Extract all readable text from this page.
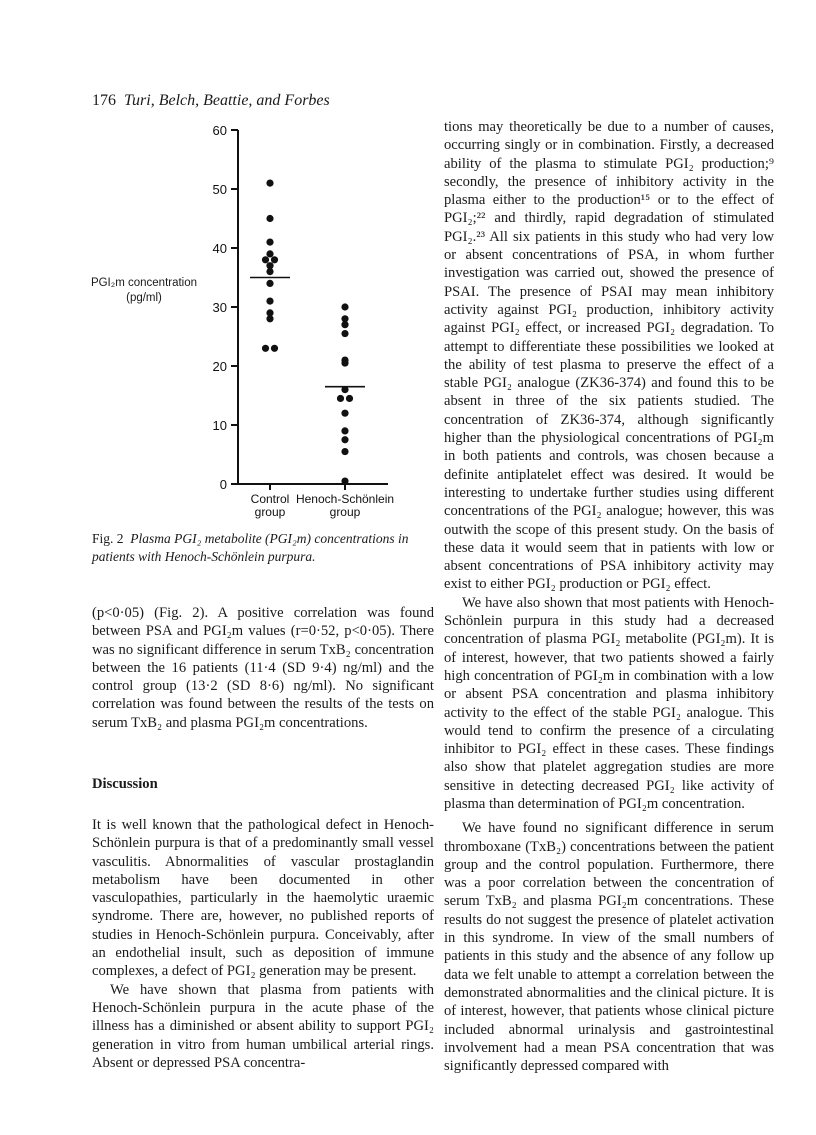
176 Turi, Belch, Beattie, and Forbes
0
10
20
30
40
50
60
Control
group
Henoch-Schönlein
group
PGI₂m concentration
(pg/ml)
Fig. 2 Plasma PGI₂ metabolite (PGI₂m) concentrations in patients with Henoch-Schönlein purpura.

(p<0·05) (Fig. 2). A positive correlation was found between PSA and PGI₂m values (r=0·52, p<0·05). There was no significant difference in serum TxB₂ concentration between the 16 patients (11·4 (SD 9·4) ng/ml) and the control group (13·2 (SD 8·6) ng/ml). No significant correlation was found between the results of the tests on serum TxB₂ and plasma PGI₂m concentrations.

Discussion

It is well known that the pathological defect in Henoch-Schönlein purpura is that of a predominantly small vessel vasculitis. Abnormalities of vascular prostaglandin metabolism have been documented in other vasculopathies, particularly in the haemolytic uraemic syndrome. There are, however, no published reports of studies in Henoch-Schönlein purpura. Conceivably, after an endothelial insult, such as deposition of immune complexes, a defect of PGI₂ generation may be present.

We have shown that plasma from patients with Henoch-Schönlein purpura in the acute phase of the illness has a diminished or absent ability to support PGI₂ generation in vitro from human umbilical arterial rings. Absent or depressed PSA concentra-

tions may theoretically be due to a number of causes, occurring singly or in combination. Firstly, a decreased ability of the plasma to stimulate PGI₂ production;⁹ secondly, the presence of inhibitory activity in the plasma either to the production¹⁵ or to the effect of PGI₂;²² and thirdly, rapid degradation of stimulated PGI₂.²³ All six patients in this study who had very low or absent concentrations of PSA, in whom further investigation was carried out, showed the presence of PSAI. The presence of PSAI may mean inhibitory activity against PGI₂ production, inhibitory activity against PGI₂ effect, or increased PGI₂ degradation. To attempt to differentiate these possibilities we looked at the ability of test plasma to preserve the effect of a stable PGI₂ analogue (ZK36-374) and found this to be absent in three of the six patients studied. The concentration of ZK36-374, although significantly higher than the physiological concentrations of PGI₂m in both patients and controls, was chosen because a definite antiplatelet effect was desired. It would be interesting to undertake further studies using different concentrations of the PGI₂ analogue; however, this was outwith the scope of this present study. On the basis of these data it would seem that in patients with low or absent concentrations of PSA inhibitory activity may exist to either PGI₂ production or PGI₂ effect.

We have also shown that most patients with Henoch-Schönlein purpura in this study had a decreased concentration of plasma PGI₂ metabolite (PGI₂m). It is of interest, however, that two patients showed a fairly high concentration of PGI₂m in combination with a low or absent PSA concentration and plasma inhibitory activity to the effect of the stable PGI₂ analogue. This would tend to confirm the presence of a circulating inhibitor to PGI₂ effect in these cases. These findings also show that platelet aggregation studies are more sensitive in detecting decreased PGI₂ like activity of plasma than determination of PGI₂m concentration.

We have found no significant difference in serum thromboxane (TxB₂) concentrations between the patient group and the control population. Furthermore, there was a poor correlation between the concentration of serum TxB₂ and plasma PGI₂m concentrations. These results do not suggest the presence of platelet activation in this syndrome. In view of the small numbers of patients in this study and the absence of any follow up data we felt unable to attempt a correlation between the demonstrated abnormalities and the clinical picture. It is of interest, however, that patients whose clinical picture included abnormal urinalysis and gastrointestinal involvement had a mean PSA concentration that was significantly depressed compared with
